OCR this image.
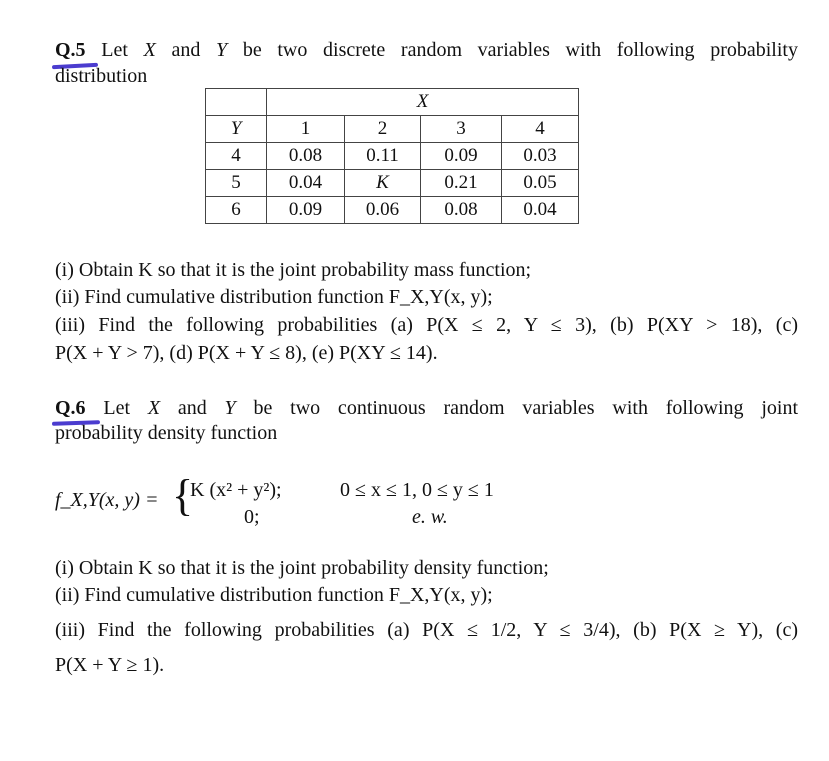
Q.5 Let X and Y be two discrete random variables with following probability
distribution
	X			
Y	1	2	3	4
4	0.08	0.11	0.09	0.03
5	0.04	K	0.21	0.05
6	0.09	0.06	0.08	0.04
(i) Obtain K so that it is the joint probability mass function;
(ii) Find cumulative distribution function F_X,Y(x, y);
(iii) Find the following probabilities (a) P(X ≤ 2, Y ≤ 3), (b) P(XY > 18), (c)
P(X + Y > 7), (d) P(X + Y ≤ 8), (e) P(XY ≤ 14).
Q.6 Let X and Y be two continuous random variables with following joint
probability density function
f_X,Y(x, y) = {
K (x² + y²);	0 ≤ x ≤ 1, 0 ≤ y ≤ 1
0;	e. w.
(i) Obtain K so that it is the joint probability density function;
(ii) Find cumulative distribution function F_X,Y(x, y);
(iii) Find the following probabilities (a) P(X ≤ 1/2, Y ≤ 3/4), (b) P(X ≥ Y), (c)
P(X + Y ≥ 1).
